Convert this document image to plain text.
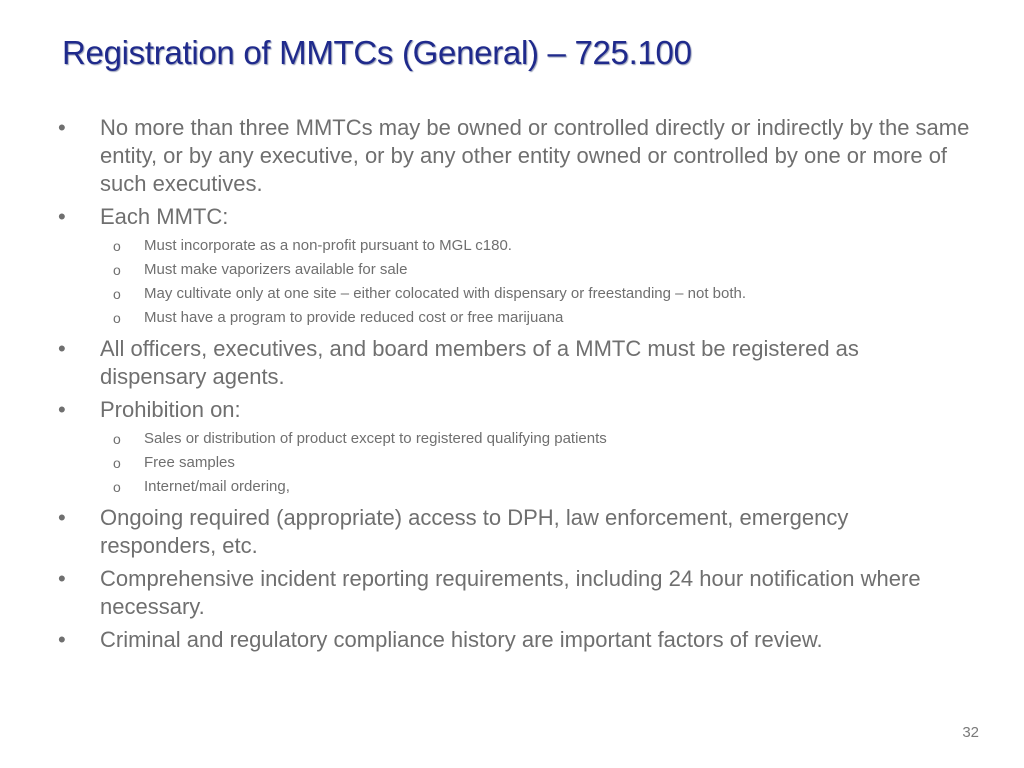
Registration of MMTCs (General) – 725.100
•	No more than three MMTCs may be owned or controlled directly or indirectly by the same entity, or by any executive, or by any other entity owned or controlled by one or more of such executives.
•	Each MMTC:
o Must incorporate as a non-profit pursuant to MGL c180.
o Must make vaporizers available for sale
o May cultivate only at one site – either colocated with dispensary or freestanding – not both.
o Must have a program to provide reduced cost or free marijuana
•	All officers, executives, and board members of a MMTC must be registered as dispensary agents.
•	Prohibition on:
o Sales or distribution of product except to registered qualifying patients
o Free samples
o Internet/mail ordering,
•	Ongoing required (appropriate) access to DPH, law enforcement, emergency responders, etc.
•	Comprehensive incident reporting requirements, including 24 hour notification where necessary.
•	Criminal and regulatory compliance history are important factors of review.
32
